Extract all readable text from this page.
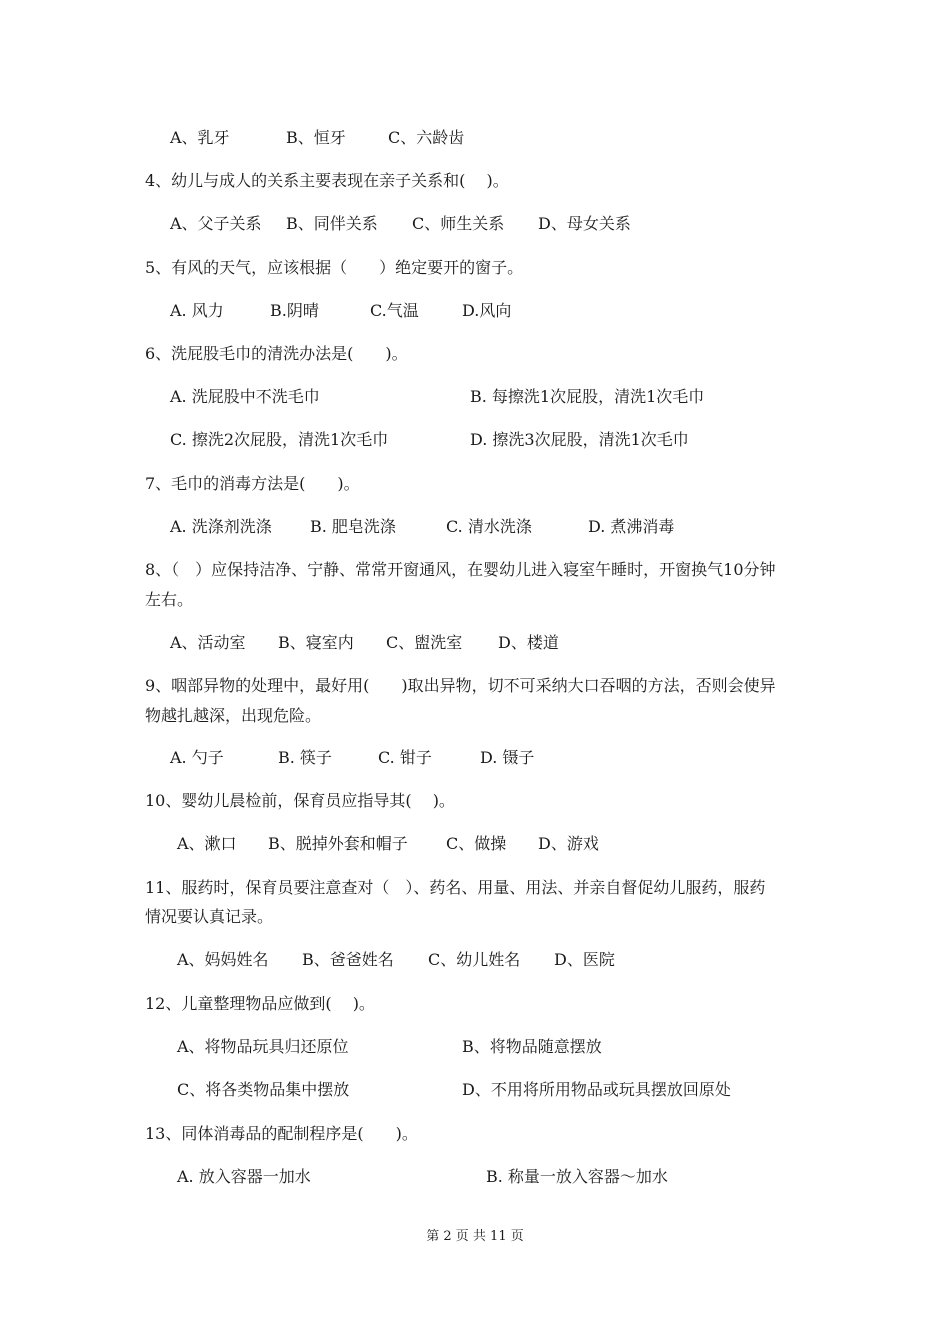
A、乳牙	B、恒牙	C、六龄齿
4、幼儿与成人的关系主要表现在亲子关系和(　 )。
A、父子关系 B、同伴关系 C、师生关系 D、母女关系
5、有风的天气，应该根据（　　）绝定要开的窗子。
A. 风力	B.阴晴	C.气温	D.风向
6、洗屁股毛巾的清洗办法是(　　)。
A. 洗屁股中不洗毛巾	B. 每擦洗1次屁股，清洗1次毛巾
C. 擦洗2次屁股，清洗1次毛巾	D. 擦洗3次屁股，清洗1次毛巾
7、毛巾的消毒方法是(　　)。
A. 洗涤剂洗涤 B. 肥皂洗涤	C. 清水洗涤	D. 煮沸消毒
8、（　）应保持洁净、宁静、常常开窗通风，在婴幼儿进入寝室午睡时，开窗换气10分钟
左右。
A、活动室 B、寝室内 C、盥洗室 D、楼道
9、咽部异物的处理中，最好用(　　)取出异物，切不可采纳大口吞咽的方法，否则会使异
物越扎越深，出现危险。
A. 勺子	B. 筷子	C. 钳子	D. 镊子
10、婴幼儿晨检前，保育员应指导其(　 )。
A、漱口 B、脱掉外套和帽子 C、做操 D、游戏
11、服药时，保育员要注意查对（　）、药名、用量、用法、并亲自督促幼儿服药，服药
情况要认真记录。
A、妈妈姓名 B、爸爸姓名 C、幼儿姓名 D、医院
12、儿童整理物品应做到(　 )。
A、将物品玩具归还原位	B、将物品随意摆放
C、将各类物品集中摆放	D、不用将所用物品或玩具摆放回原处
13、同体消毒品的配制程序是(　　)。
A. 放入容器一加水	B. 称量一放入容器～加水
第 2 页 共 11 页
